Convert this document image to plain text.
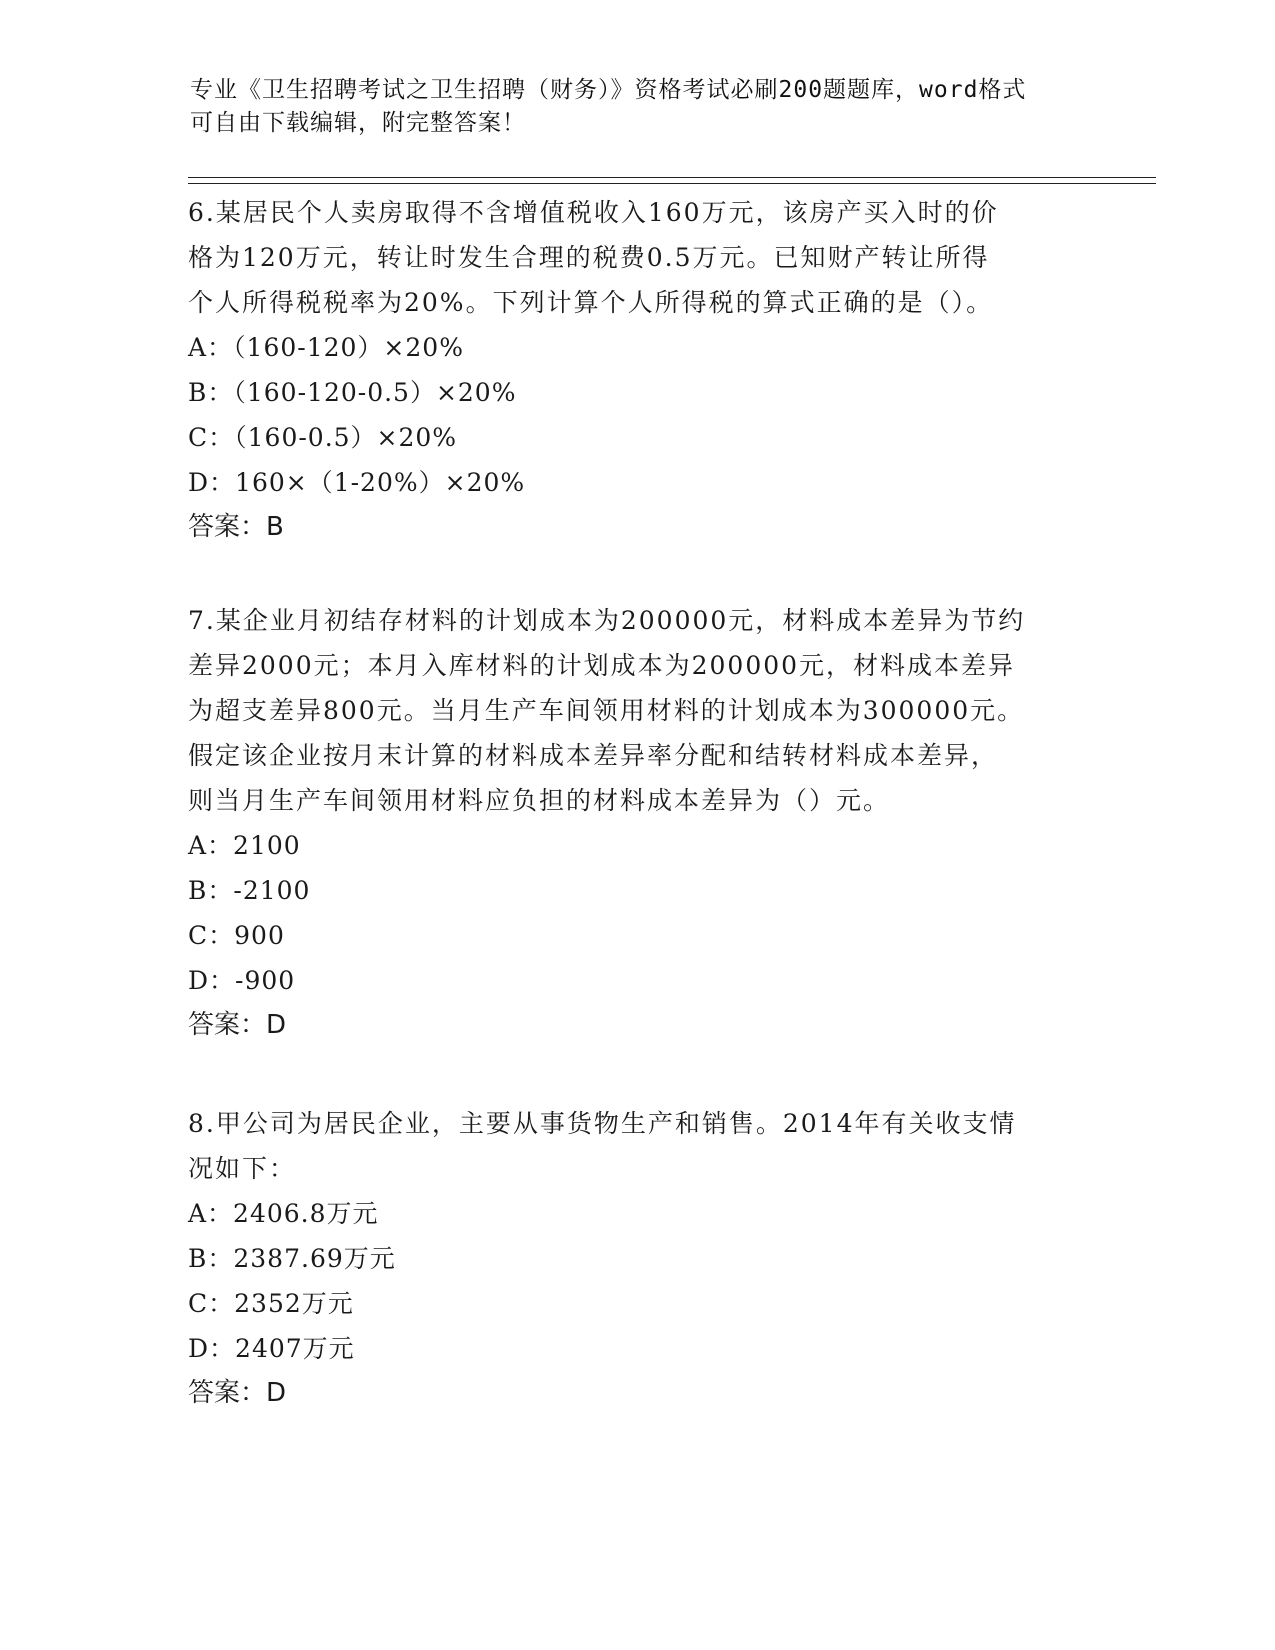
专业《卫生招聘考试之卫生招聘（财务）》资格考试必刷200题题库，word格式
可自由下载编辑，附完整答案！
6.某居民个人卖房取得不含增值税收入160万元，该房产买入时的价
格为120万元，转让时发生合理的税费0.5万元。已知财产转让所得
个人所得税税率为20%。下列计算个人所得税的算式正确的是（）。
A：（160-120）×20%
B：（160-120-0.5）×20%
C：（160-0.5）×20%
D：160×（1-20%）×20%
答案：B
7.某企业月初结存材料的计划成本为200000元，材料成本差异为节约
差异2000元；本月入库材料的计划成本为200000元，材料成本差异
为超支差异800元。当月生产车间领用材料的计划成本为300000元。
假定该企业按月末计算的材料成本差异率分配和结转材料成本差异，
则当月生产车间领用材料应负担的材料成本差异为（）元。
A：2100
B：-2100
C：900
D：-900
答案：D
8.甲公司为居民企业，主要从事货物生产和销售。2014年有关收支情
况如下：
A：2406.8万元
B：2387.69万元
C：2352万元
D：2407万元
答案：D
